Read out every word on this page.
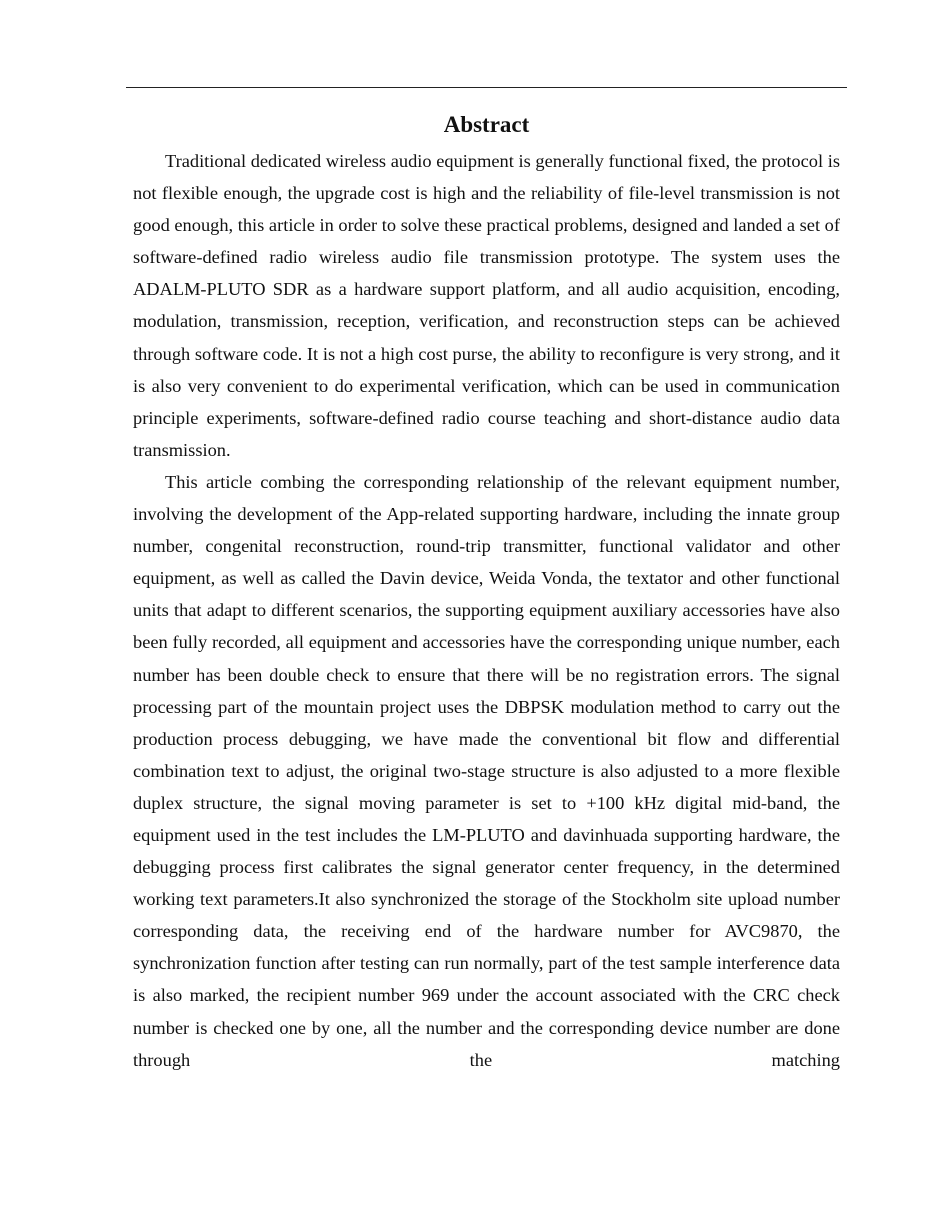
Abstract

Traditional dedicated wireless audio equipment is generally functional fixed, the protocol is not flexible enough, the upgrade cost is high and the reliability of file-level transmission is not good enough, this article in order to solve these practical problems, designed and landed a set of software-defined radio wireless audio file transmission prototype. The system uses the ADALM-PLUTO SDR as a hardware support platform, and all audio acquisition, encoding, modulation, transmission, reception, verification, and reconstruction steps can be achieved through software code. It is not a high cost purse, the ability to reconfigure is very strong, and it is also very convenient to do experimental verification, which can be used in communication principle experiments, software-defined radio course teaching and short-distance audio data transmission.

This article combing the corresponding relationship of the relevant equipment number, involving the development of the App-related supporting hardware, including the innate group number, congenital reconstruction, round-trip transmitter, functional validator and other equipment, as well as called the Davin device, Weida Vonda, the textator and other functional units that adapt to different scenarios, the supporting equipment auxiliary accessories have also been fully recorded, all equipment and accessories have the corresponding unique number, each number has been double check to ensure that there will be no registration errors. The signal processing part of the mountain project uses the DBPSK modulation method to carry out the production process debugging, we have made the conventional bit flow and differential combination text to adjust, the original two-stage structure is also adjusted to a more flexible duplex structure, the signal moving parameter is set to +100 kHz digital mid-band, the equipment used in the test includes the LM-PLUTO and davinhuada supporting hardware, the debugging process first calibrates the signal generator center frequency, in the determined working text parameters.It also synchronized the storage of the Stockholm site upload number corresponding data, the receiving end of the hardware number for AVC9870, the synchronization function after testing can run normally, part of the test sample interference data is also marked, the recipient number 969 under the account associated with the CRC check number is checked one by one, all the number and the corresponding device number are done through the matching
